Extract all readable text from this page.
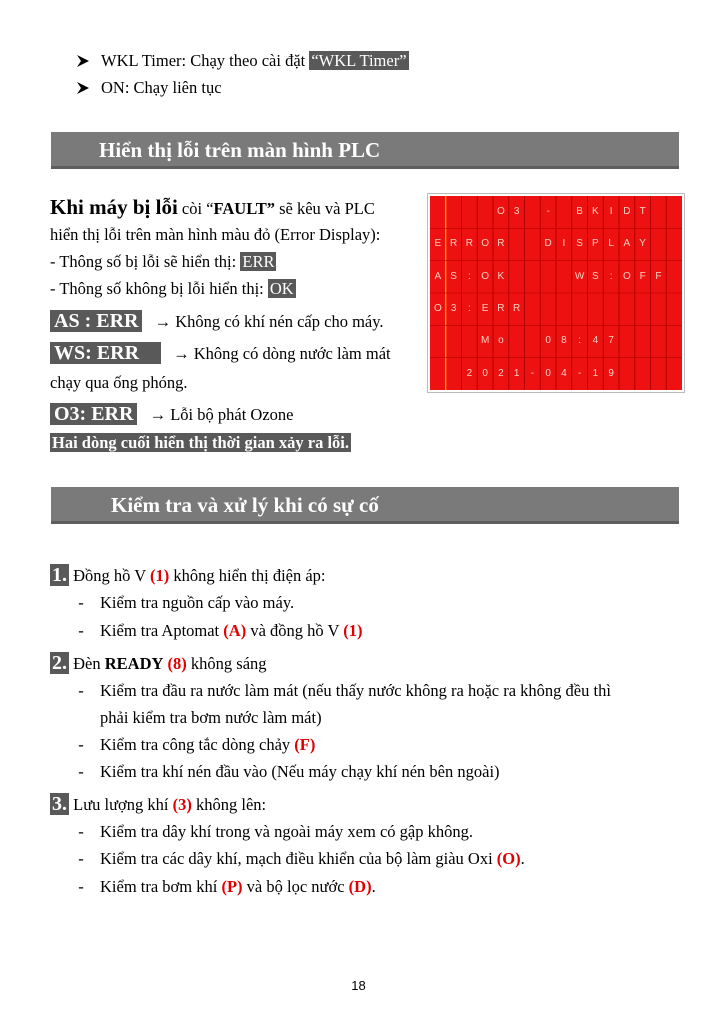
WKL Timer: Chạy theo cài đặt “WKL Timer”
ON: Chạy liên tục
Hiển thị lỗi trên màn hình PLC
Khi máy bị lỗi còi “FAULT” sẽ kêu và PLC
hiển thị lỗi trên màn hình màu đỏ (Error Display):
- Thông số bị lỗi sẽ hiển thị: ERR
- Thông số không bị lỗi hiển thị: OK
AS : ERR → Không có khí nén cấp cho máy.
WS: ERR → Không có dòng nước làm mát
chạy qua ống phóng.
O3: ERR → Lỗi bộ phát Ozone
Hai dòng cuối hiển thị thời gian xảy ra lỗi.
O 3	-	B K	I	D T
E R R O R	D	I	S P L A Y
A S	:	O K	W S	:	O F F
O 3	:	E R R
M o	0	8	:	4	7
2	0	2	1	-	0	4	-	1	9
Kiểm tra và xử lý khi có sự cố
1. Đồng hồ V (1) không hiển thị điện áp:
- Kiểm tra nguồn cấp vào máy.
- Kiểm tra Aptomat (A) và đồng hồ V (1)
2. Đèn READY (8) không sáng
- Kiểm tra đầu ra nước làm mát (nếu thấy nước không ra hoặc ra không đều thì
- Kiểm tra công tắc dòng chảy (F)
- Kiểm tra khí nén đầu vào (Nếu máy chạy khí nén bên ngoài)
phải kiểm tra bơm nước làm mát)
3. Lưu lượng khí (3) không lên:
- Kiểm tra dây khí trong và ngoài máy xem có gập không.
- Kiểm tra các dây khí, mạch điều khiển của bộ làm giàu Oxi (O).
- Kiểm tra bơm khí (P) và bộ lọc nước (D).
18
